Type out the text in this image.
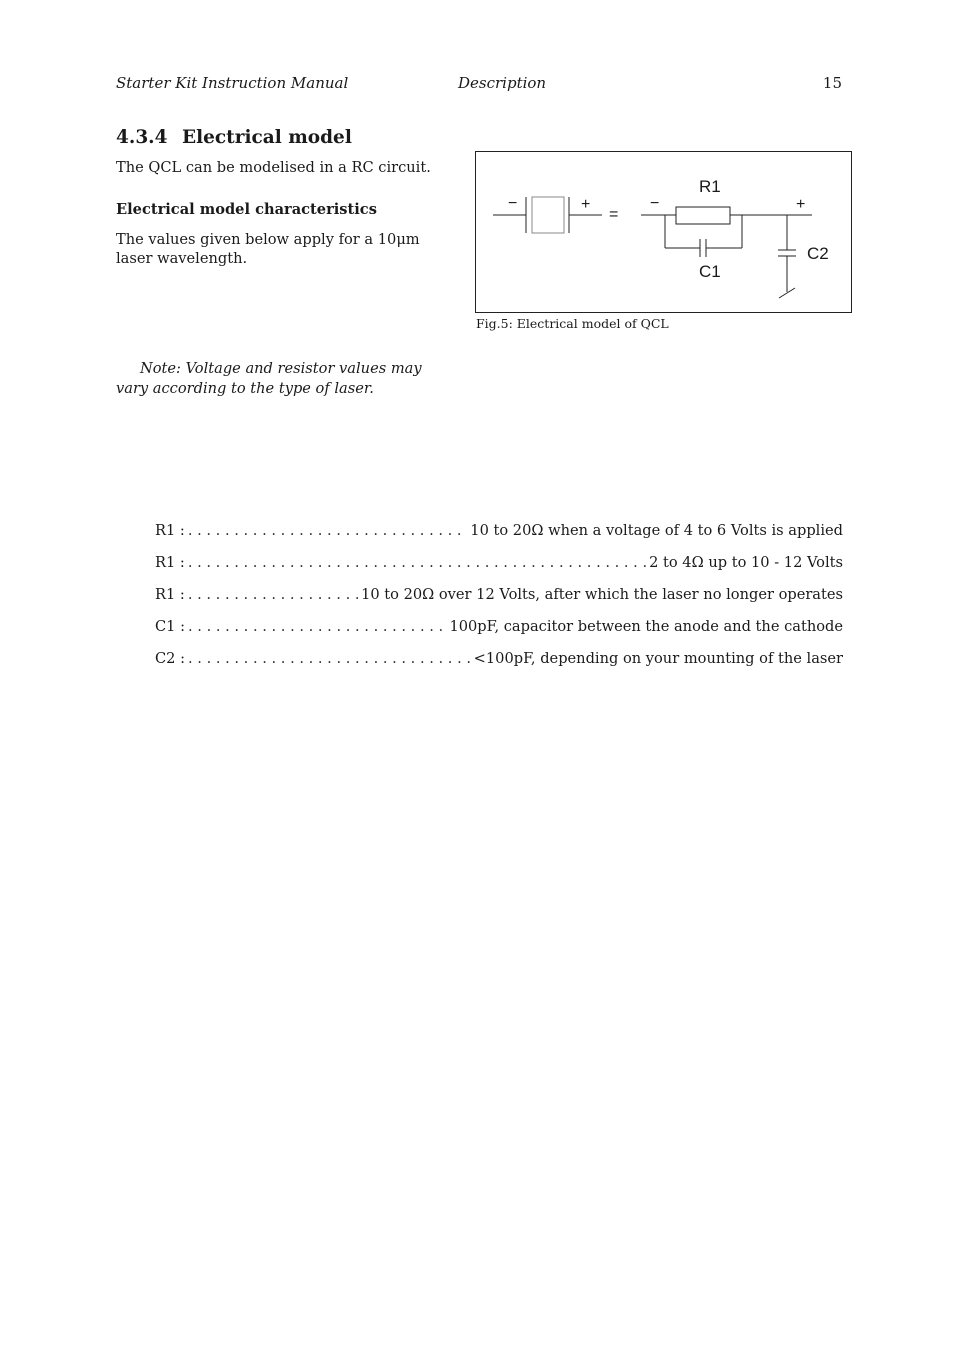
Starter Kit Instruction Manual	Description	15
4.3.4 Electrical model
The QCL can be modelised in a RC circuit.
Electrical model characteristics
The values given below apply for a 10μm laser wavelength.
Note: Voltage and resistor values may vary according to the type of laser.
−	+
=
−	+
R1
C1
C2
Fig.5: Electrical model of QCL
R1 : . . .	10 to 20Ω when a voltage of 4 to 6 Volts is applied
R1 : . . .	2 to 4Ω up to 10 - 12 Volts
R1 : . . .	10 to 20Ω over 12 Volts, after which the laser no longer operates
C1 : . . .	100pF, capacitor between the anode and the cathode
C2 : . . .	<100pF, depending on your mounting of the laser
